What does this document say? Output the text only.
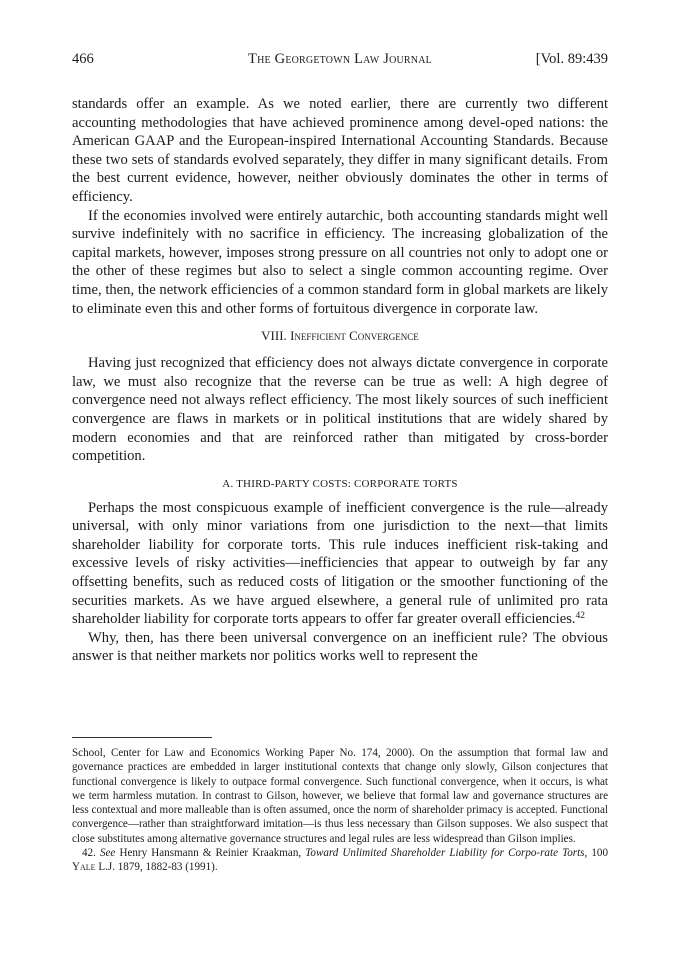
466	The Georgetown Law Journal	[Vol. 89:439

standards offer an example. As we noted earlier, there are currently two different accounting methodologies that have achieved prominence among devel-oped nations: the American GAAP and the European-inspired International Accounting Standards. Because these two sets of standards evolved separately, they differ in many significant details. From the best current evidence, however, neither obviously dominates the other in terms of efficiency.

If the economies involved were entirely autarchic, both accounting standards might well survive indefinitely with no sacrifice in efficiency. The increasing globalization of the capital markets, however, imposes strong pressure on all countries not only to adopt one or the other of these regimes but also to select a single common accounting regime. Over time, then, the network efficiencies of a common standard form in global markets are likely to eliminate even this and other forms of fortuitous divergence in corporate law.

VIII. Inefficient Convergence

Having just recognized that efficiency does not always dictate convergence in corporate law, we must also recognize that the reverse can be true as well: A high degree of convergence need not always reflect efficiency. The most likely sources of such inefficient convergence are flaws in markets or in political institutions that are widely shared by modern economies and that are reinforced rather than mitigated by cross-border competition.

A. THIRD-PARTY COSTS: CORPORATE TORTS

Perhaps the most conspicuous example of inefficient convergence is the rule—already universal, with only minor variations from one jurisdiction to the next—that limits shareholder liability for corporate torts. This rule induces inefficient risk-taking and excessive levels of risky activities—inefficiencies that appear to outweigh by far any offsetting benefits, such as reduced costs of litigation or the smoother functioning of the securities markets. As we have argued elsewhere, a general rule of unlimited pro rata shareholder liability for corporate torts appears to offer far greater overall efficiencies.$^{42}$

Why, then, has there been universal convergence on an inefficient rule? The obvious answer is that neither markets nor politics works well to represent the

School, Center for Law and Economics Working Paper No. 174, 2000). On the assumption that formal law and governance practices are embedded in larger institutional contexts that change only slowly, Gilson conjectures that functional convergence is likely to outpace formal convergence. Such functional convergence, when it occurs, is what we term harmless mutation. In contrast to Gilson, however, we believe that formal law and governance structures are less contextual and more malleable than is often assumed, once the norm of shareholder primacy is accepted. Functional convergence—rather than straightforward imitation—is thus less necessary than Gilson supposes. We also suspect that close substitutes among alternative governance structures and legal rules are less widespread than Gilson implies.

42. See Henry Hansmann & Reinier Kraakman, Toward Unlimited Shareholder Liability for Corpo-rate Torts, 100 Yale L.J. 1879, 1882-83 (1991).
